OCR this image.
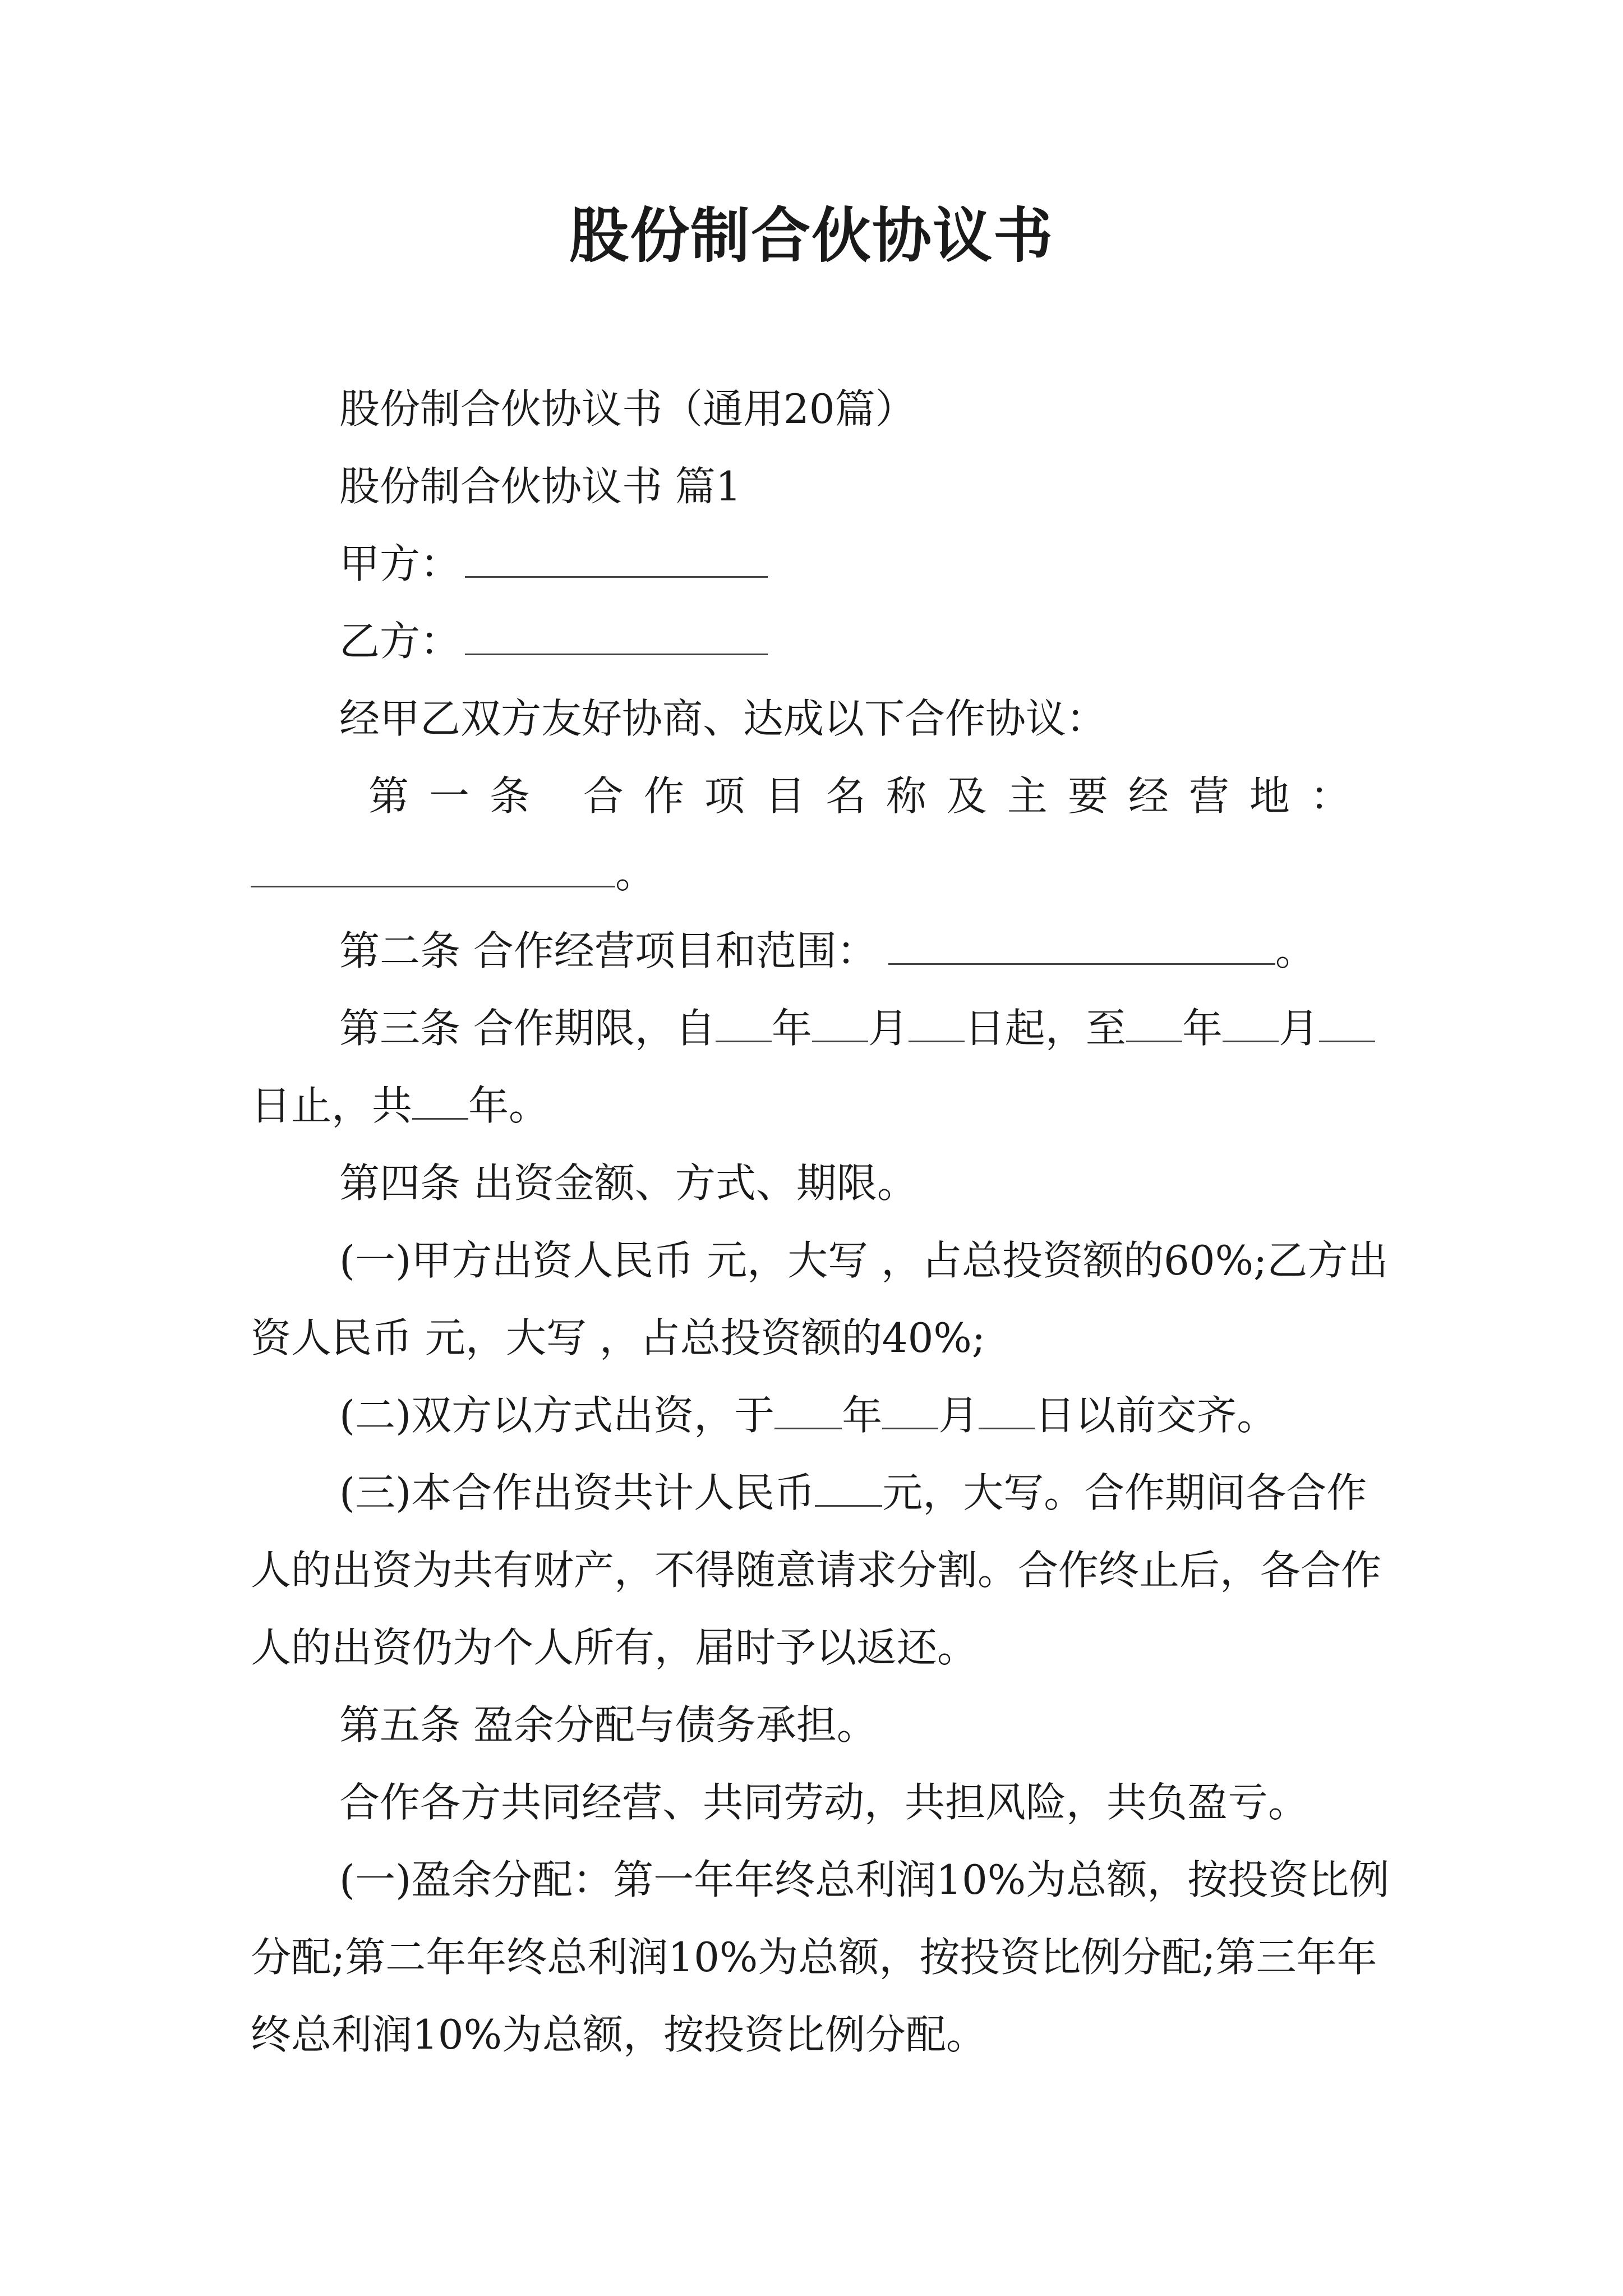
股份制合伙协议书

股份制合伙协议书（通用20篇）

股份制合伙协议书 篇1

甲方：

乙方：

经甲乙双方友好协商、达成以下合作协议：

第一条 合作项目名称及主要经营地：

。

第二条 合作经营项目和范围：	。

第三条 合作期限，自 年 月 日起，至 年 月

日止，共 年。

第四条 出资金额、方式、期限。

(一)甲方出资人民币 元，大写 ，占总投资额的60%;乙方出资人民币 元，大写 ，占总投资额的40%;

(二)双方以方式出资，于 年 月 日以前交齐。

(三)本合作出资共计人民币 元，大写。合作期间各合作人的出资为共有财产，不得随意请求分割。合作终止后，各合作人的出资仍为个人所有，届时予以返还。

第五条 盈余分配与债务承担。

合作各方共同经营、共同劳动，共担风险，共负盈亏。

(一)盈余分配：第一年年终总利润10%为总额，按投资比例分配;第二年年终总利润10%为总额，按投资比例分配;第三年年终总利润10%为总额，按投资比例分配。
